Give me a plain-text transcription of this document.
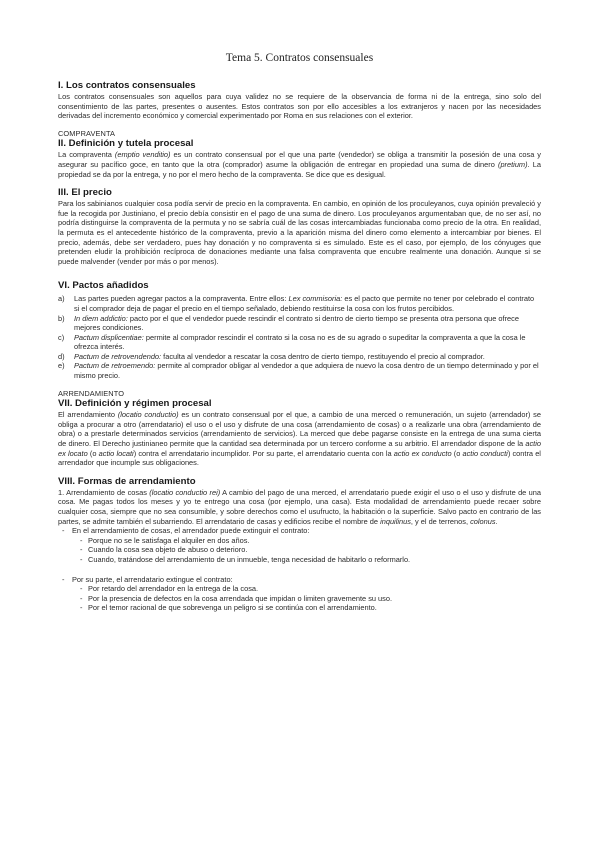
Tema 5. Contratos consensuales
I. Los contratos consensuales

Los contratos consensuales son aquellos para cuya validez no se requiere de la observancia de forma ni de la entrega, sino solo del consentimiento de las partes, presentes o ausentes. Estos contratos son por ello accesibles a los extranjeros y nacen por las necesidades derivadas del incremento económico y comercial experimentado por Roma en sus relaciones con el exterior.

COMPRAVENTA
II. Definición y tutela procesal

La compraventa (emptio venditio) es un contrato consensual por el que una parte (vendedor) se obliga a transmitir la posesión de una cosa y asegurar su pacífico goce, en tanto que la otra (comprador) asume la obligación de entregar en propiedad una suma de dinero (pretium). La propiedad se da por la entrega, y no por el mero hecho de la compraventa. Se dice que es desigual.

III. El precio

Para los sabinianos cualquier cosa podía servir de precio en la compraventa. En cambio, en opinión de los proculeyanos, cuya opinión prevaleció y fue la recogida por Justiniano, el precio debía consistir en el pago de una suma de dinero. Los proculeyanos argumentaban que, de no ser así, no podría distinguirse la compraventa de la permuta y no se sabría cuál de las cosas intercambiadas funcionaba como precio de la otra. En realidad, la permuta es el antecedente histórico de la compraventa, previo a la aparición misma del dinero como elemento a intercambiar por bienes. El precio, además, debe ser verdadero, pues hay donación y no compraventa si es simulado. Este es el caso, por ejemplo, de los cónyuges que pretenden eludir la prohibición recíproca de donaciones mediante una falsa compraventa que encubre realmente una donación. Aunque si se puede malvender (vender por más o por menos).

VI. Pactos añadidos
a)	Las partes pueden agregar pactos a la compraventa. Entre ellos: Lex commisoria: es el pacto que permite no tener por celebrado el contrato si el comprador deja de pagar el precio en el tiempo señalado, debiendo restituirse la cosa con los frutos percibidos.
b)	In diem addictio: pacto por el que el vendedor puede rescindir el contrato si dentro de cierto tiempo se presenta otra persona que ofrece mejores condiciones.
c)	Pactum displicentiae: permite al comprador rescindir el contrato si la cosa no es de su agrado o supeditar la compraventa a que la cosa le ofrezca interés.
d)	Pactum de retrovendendo: faculta al vendedor a rescatar la cosa dentro de cierto tiempo, restituyendo el precio al comprador.
e)	Pactum de retroemendo: permite al comprador obligar al vendedor a que adquiera de nuevo la cosa dentro de un tiempo determinado y por el mismo precio.
ARRENDAMIENTO
VII. Definición y régimen procesal

El arrendamiento (locatio conductio) es un contrato consensual por el que, a cambio de una merced o remuneración, un sujeto (arrendador) se obliga a procurar a otro (arrendatario) el uso o el uso y disfrute de una cosa (arrendamiento de cosas) o a realizarle una obra (arrendamiento de obra) o a prestarle determinados servicios (arrendamiento de servicios). La merced que debe pagarse consiste en la entrega de una suma cierta de dinero. El Derecho justinianeo permite que la cantidad sea determinada por un tercero conforme a su arbitrio. El arrendador dispone de la actio ex locato (o actio locati) contra el arrendatario incumplidor. Por su parte, el arrendatario cuenta con la actio ex conducto (o actio conducti) contra el arrendador que incumple sus obligaciones.

VIII. Formas de arrendamiento

1. Arrendamiento de cosas (locatio conductio rei) A cambio del pago de una merced, el arrendatario puede exigir el uso o el uso y disfrute de una cosa. Me pagas todos los meses y yo te entrego una cosa (por ejemplo, una casa). Esta modalidad de arrendamiento puede recaer sobre cualquier cosa, siempre que no sea consumible, y sobre derechos como el usufructo, la habitación o la superficie. Salvo pacto en contrario de las partes, se admite también el subarriendo. El arrendatario de casas y edificios recibe el nombre de inquilinus, y el de terrenos, colonus.

-	En el arrendamiento de cosas, el arrendador puede extinguir el contrato:
- Porque no se le satisfaga el alquiler en dos años.
- Cuando la cosa sea objeto de abuso o deterioro.
- Cuando, tratándose del arrendamiento de un inmueble, tenga necesidad de habitarlo o reformarlo.
-	Por su parte, el arrendatario extingue el contrato:
- Por retardo del arrendador en la entrega de la cosa.
- Por la presencia de defectos en la cosa arrendada que impidan o limiten gravemente su uso.
- Por el temor racional de que sobrevenga un peligro si se continúa con el arrendamiento.
